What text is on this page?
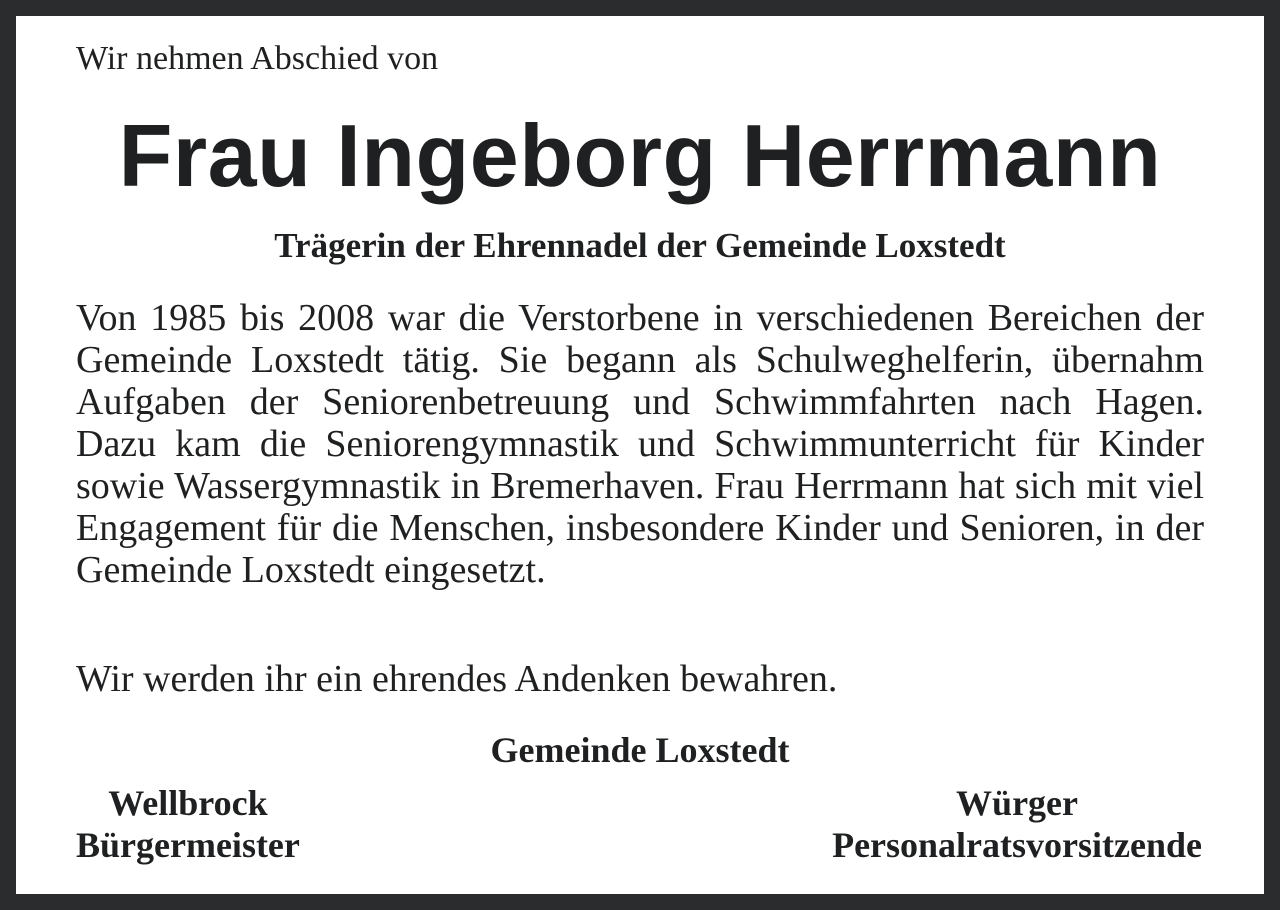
Wir nehmen Abschied von
Frau Ingeborg Herrmann
Trägerin der Ehrennadel der Gemeinde Loxstedt

Von 1985 bis 2008 war die Verstorbene in verschiedenen Bereichen der Gemeinde Loxstedt tätig. Sie begann als Schulweghelferin, übernahm Aufgaben der Seniorenbetreuung und Schwimmfahrten nach Hagen. Dazu kam die Seniorengymnastik und Schwimmunterricht für Kinder sowie Wassergymnastik in Bremerhaven. Frau Herrmann hat sich mit viel Engagement für die Menschen, insbesondere Kinder und Senioren, in der Gemeinde Loxstedt eingesetzt.

Wir werden ihr ein ehrendes Andenken bewahren.

Gemeinde Loxstedt
Wellbrock
Bürgermeister
Würger
Personalratsvorsitzende
